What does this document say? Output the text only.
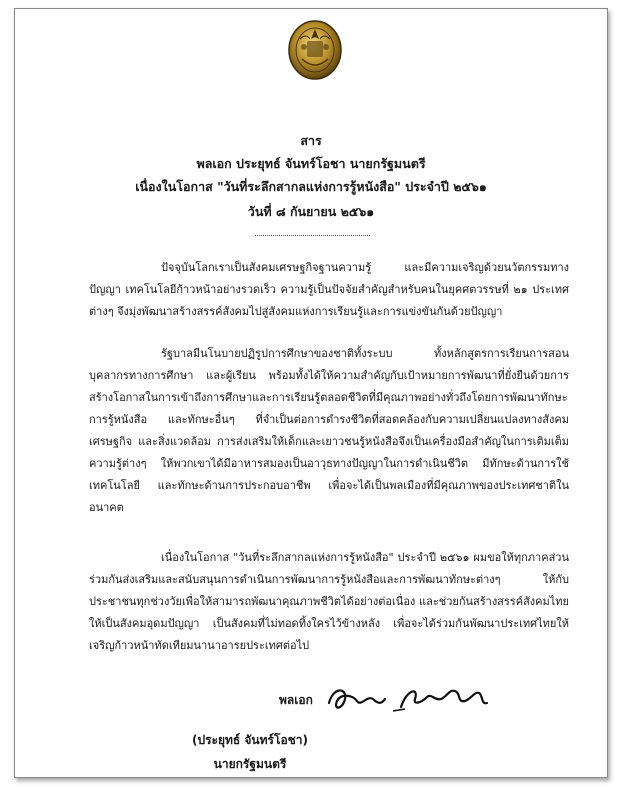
สาร
พลเอก ประยุทธ์ จันทร์โอชา นายกรัฐมนตรี
เนื่องในโอกาส "วันที่ระลึกสากลแห่งการรู้หนังสือ" ประจำปี ๒๕๖๑
วันที่ ๘ กันยายน ๒๕๖๑

ปัจจุบันโลกเราเป็นสังคมเศรษฐกิจฐานความรู้ และมีความเจริญด้วยนวัตกรรมทางปัญญา เทคโนโลยีก้าวหน้าอย่างรวดเร็ว ความรู้เป็นปัจจัยสำคัญสำหรับคนในยุคศตวรรษที่ ๒๑ ประเทศต่างๆ จึงมุ่งพัฒนาสร้างสรรค์สังคมไปสู่สังคมแห่งการเรียนรู้และการแข่งขันกันด้วยปัญญา

รัฐบาลมีนโนบายปฏิรูปการศึกษาของชาติทั้งระบบ ทั้งหลักสูตรการเรียนการสอน บุคลากรทางการศึกษา และผู้เรียน พร้อมทั้งได้ให้ความสำคัญกับเป้าหมายการพัฒนาที่ยั่งยืนด้วยการสร้างโอกาสในการเข้าถึงการศึกษาและการเรียนรู้ตลอดชีวิตที่มีคุณภาพอย่างทั่วถึงโดยการพัฒนาทักษะการรู้หนังสือ และทักษะอื่นๆ ที่จำเป็นต่อการดำรงชีวิตที่สอดคล้องกับความเปลี่ยนแปลงทางสังคม เศรษฐกิจ และสิ่งแวดล้อม การส่งเสริมให้เด็กและเยาวชนรู้หนังสือจึงเป็นเครื่องมือสำคัญในการเติมเต็มความรู้ต่างๆ ให้พวกเขาได้มีอาหารสมองเป็นอาวุธทางปัญญาในการดำเนินชีวิต มีทักษะด้านการใช้เทคโนโลยี และทักษะด้านการประกอบอาชีพ เพื่อจะได้เป็นพลเมืองที่มีคุณภาพของประเทศชาติในอนาคต

เนื่องในโอกาส "วันที่ระลึกสากลแห่งการรู้หนังสือ" ประจำปี ๒๕๖๑ ผมขอให้ทุกภาคส่วนร่วมกันส่งเสริมและสนับสนุนการดำเนินการพัฒนาการรู้หนังสือและการพัฒนาทักษะต่างๆ ให้กับประชาชนทุกช่วงวัยเพื่อให้สามารถพัฒนาคุณภาพชีวิตได้อย่างต่อเนื่อง และช่วยกันสร้างสรรค์สังคมไทยให้เป็นสังคมอุดมปัญญา เป็นสังคมที่ไม่ทอดทิ้งใครไว้ข้างหลัง เพื่อจะได้ร่วมกันพัฒนาประเทศไทยให้เจริญก้าวหน้าทัดเทียมนานาอารยประเทศต่อไป

พลเอก
(ประยุทธ์ จันทร์โอชา)
นายกรัฐมนตรี
